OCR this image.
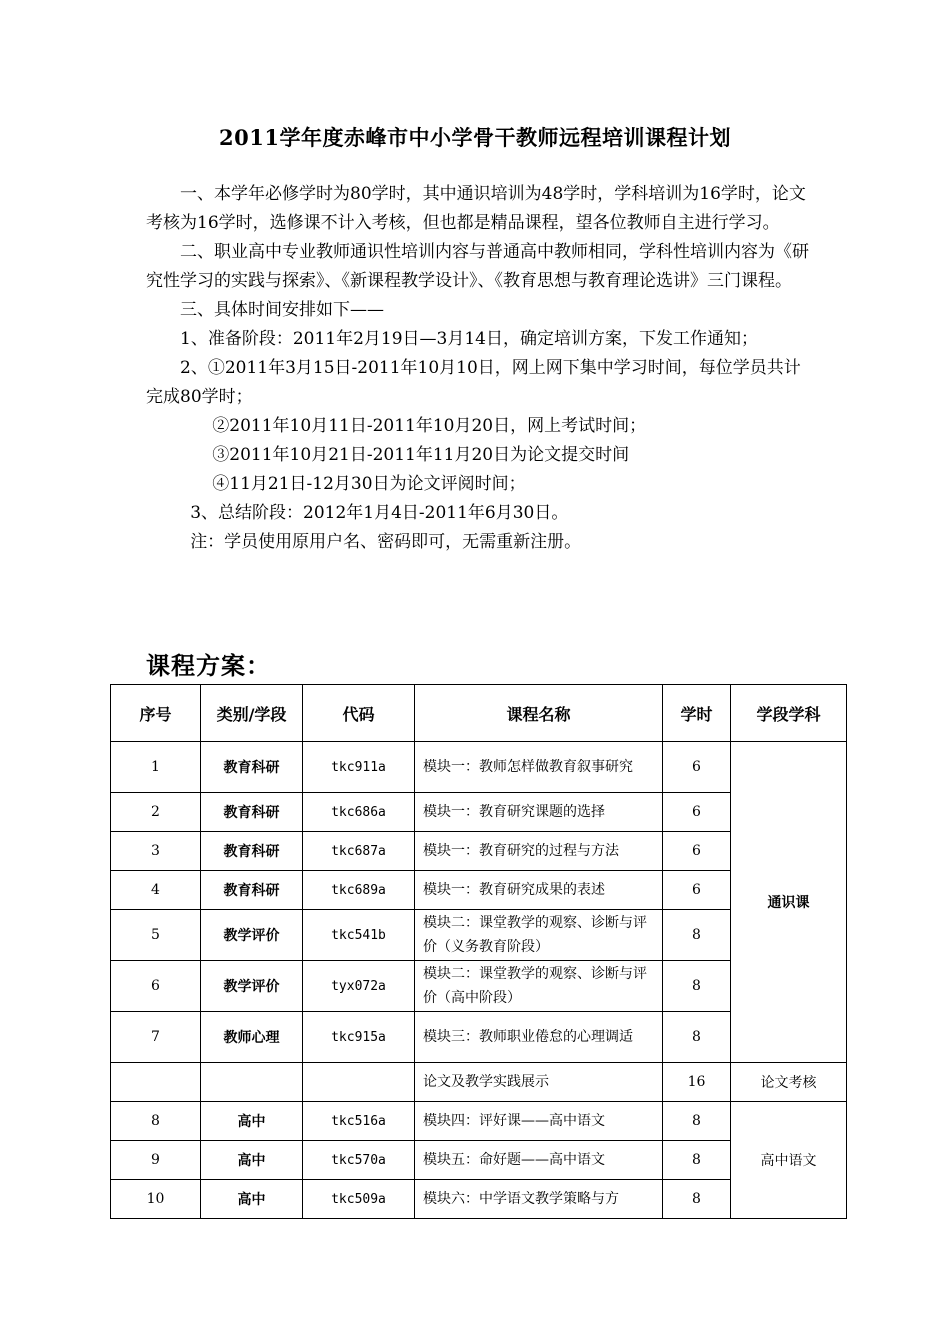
2011学年度赤峰市中小学骨干教师远程培训课程计划

一、本学年必修学时为80学时，其中通识培训为48学时，学科培训为16学时，论文考核为16学时，选修课不计入考核，但也都是精品课程，望各位教师自主进行学习。

二、职业高中专业教师通识性培训内容与普通高中教师相同，学科性培训内容为《研究性学习的实践与探索》、《新课程教学设计》、《教育思想与教育理论选讲》三门课程。

三、具体时间安排如下——

1、准备阶段：2011年2月19日—3月14日，确定培训方案，下发工作通知；

2、①2011年3月15日-2011年10月10日，网上网下集中学习时间，每位学员共计完成80学时；

②2011年10月11日-2011年10月20日，网上考试时间；

③2011年10月21日-2011年11月20日为论文提交时间

④11月21日-12月30日为论文评阅时间；

3、总结阶段：2012年1月4日-2011年6月30日。

注：学员使用原用户名、密码即可，无需重新注册。

课程方案：
序号	类别/学段	代码	课程名称	学时	学段学科
1	教育科研	tkc911a	模块一：教师怎样做教育叙事研究	6	通识课
2	教育科研	tkc686a	模块一：教育研究课题的选择	6	
3	教育科研	tkc687a	模块一：教育研究的过程与方法	6	
4	教育科研	tkc689a	模块一：教育研究成果的表述	6	
5	教学评价	tkc541b	模块二：课堂教学的观察、诊断与评价（义务教育阶段）	8	
6	教学评价	tyx072a	模块二：课堂教学的观察、诊断与评价（高中阶段）	8	
7	教师心理	tkc915a	模块三：教师职业倦怠的心理调适	8	
			论文及教学实践展示	16	论文考核
8	高中	tkc516a	模块四：评好课——高中语文	8	高中语文
9	高中	tkc570a	模块五：命好题——高中语文	8	
10	高中	tkc509a	模块六：中学语文教学策略与方	8	
